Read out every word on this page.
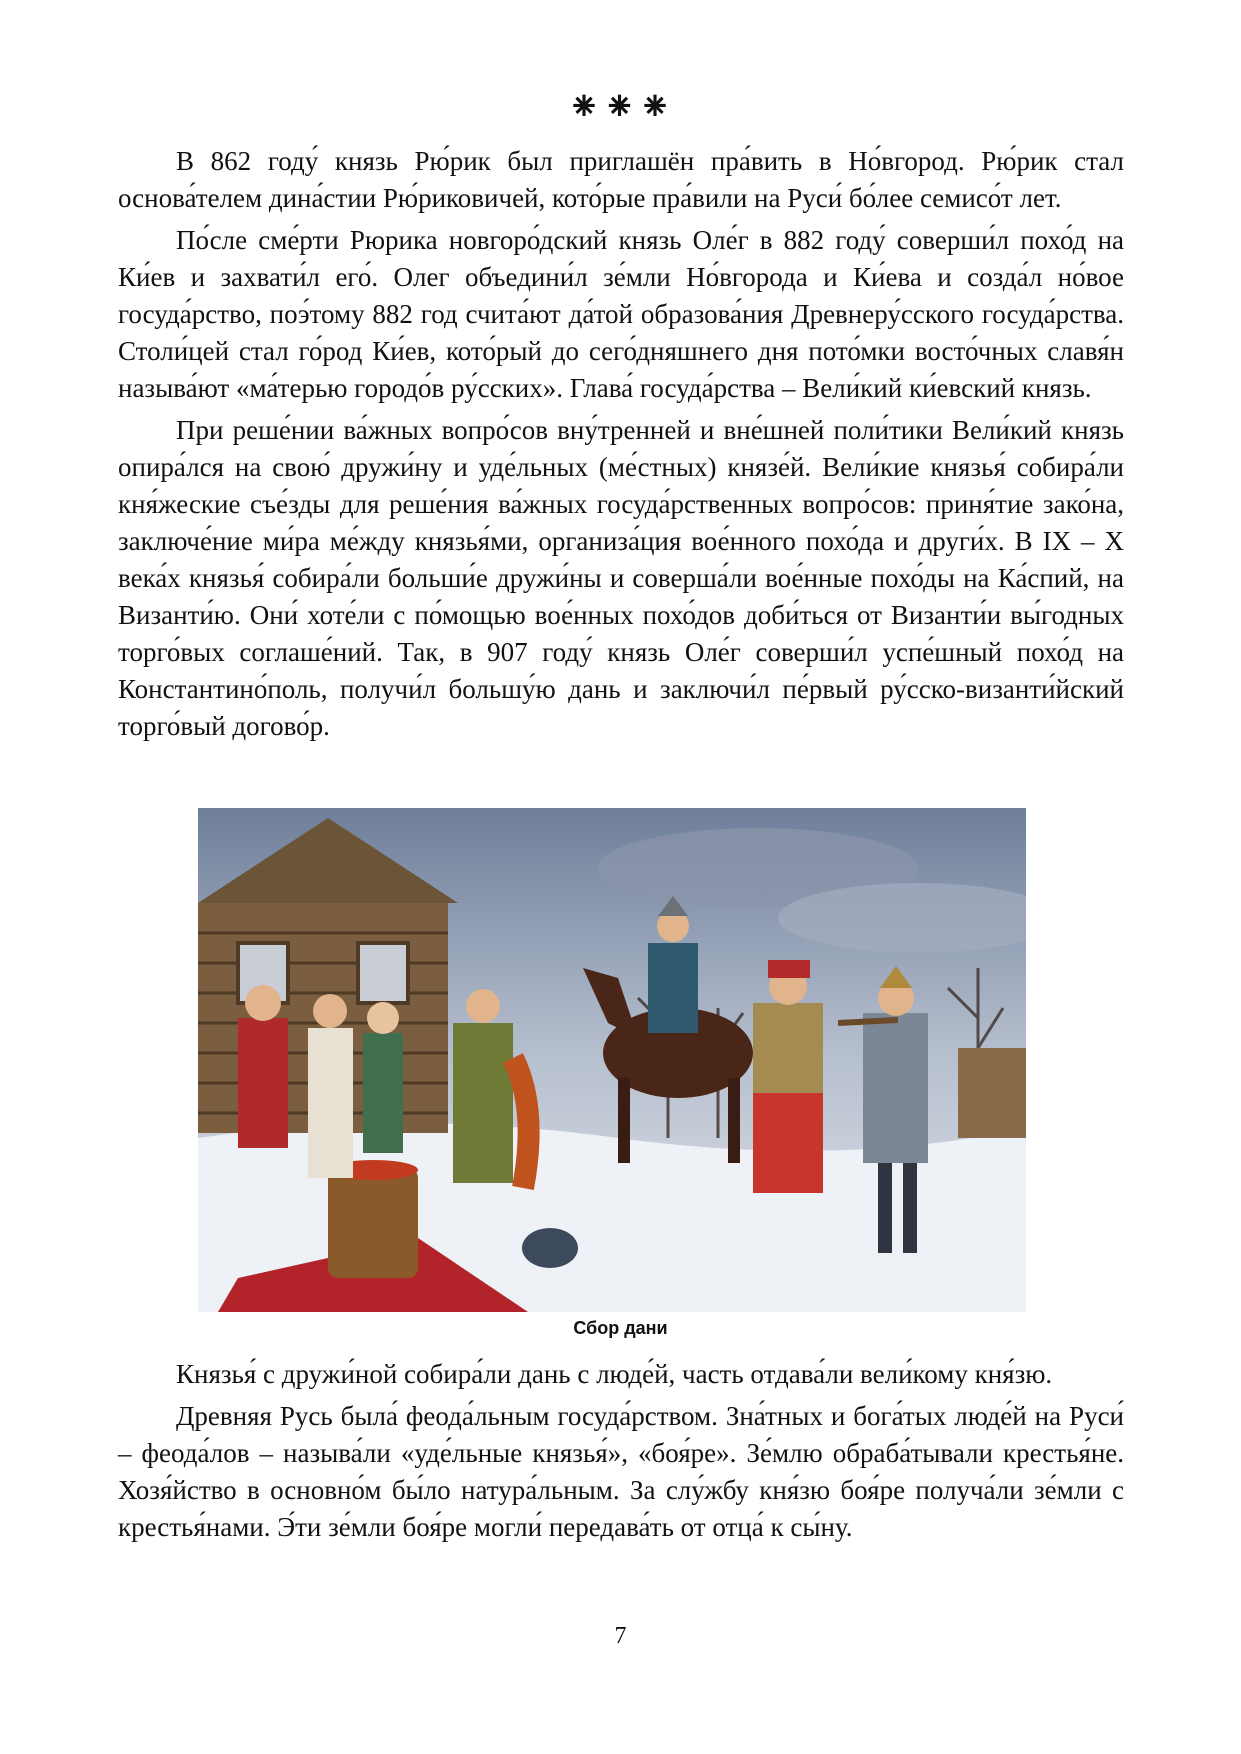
⁕⁕⁕

В 862 году́ князь Рю́рик был приглашён пра́вить в Но́вгород. Рю́рик стал основа́телем дина́стии Рю́риковичей, кото́рые пра́вили на Руси́ бо́лее семисо́т лет.

По́сле сме́рти Рюрика новгоро́дский князь Оле́г в 882 году́ соверши́л похо́д на Ки́ев и захвати́л его́. Олег объедини́л зе́мли Но́вгорода и Ки́ева и созда́л но́вое госуда́рство, поэ́тому 882 год счита́ют да́той образова́ния Древнеру́сского госуда́рства. Столи́цей стал го́род Ки́ев, кото́рый до сего́дняшнего дня пото́мки восто́чных славя́н называ́ют «ма́терью городо́в ру́сских». Глава́ госуда́рства – Вели́кий ки́евский князь.

При реше́нии ва́жных вопро́сов вну́тренней и вне́шней поли́тики Вели́кий князь опира́лся на свою́ дружи́ну и уде́льных (ме́стных) князе́й. Вели́кие князья́ собира́ли кня́жеские съе́зды для реше́ния ва́жных госуда́рственных вопро́сов: приня́тие зако́на, заключе́ние ми́ра ме́жду князья́ми, организа́ция вое́нного похо́да и други́х. В IX – X века́х князья́ собира́ли больши́е дружи́ны и соверша́ли вое́нные похо́ды на Ка́спий, на Византи́ю. Они́ хоте́ли с по́мощью вое́нных похо́дов доби́ться от Византи́и вы́годных торго́вых соглаше́ний. Так, в 907 году́ князь Оле́г соверши́л успе́шный похо́д на Константино́поль, получи́л большу́ю дань и заключи́л пе́рвый ру́сско-византи́йский торго́вый догово́р.

Сбор дани

Князья́ с дружи́ной собира́ли дань с люде́й, часть отдава́ли вели́кому кня́зю.

Древняя Русь была́ феода́льным госуда́рством. Зна́тных и бога́тых люде́й на Руси́ – феода́лов – называ́ли «уде́льные князья́», «боя́ре». Зе́млю обраба́тывали крестья́не. Хозя́йство в основно́м бы́ло натура́льным. За слу́жбу кня́зю боя́ре получа́ли зе́мли с крестья́нами. Э́ти зе́мли боя́ре могли́ передава́ть от отца́ к сы́ну.

7
